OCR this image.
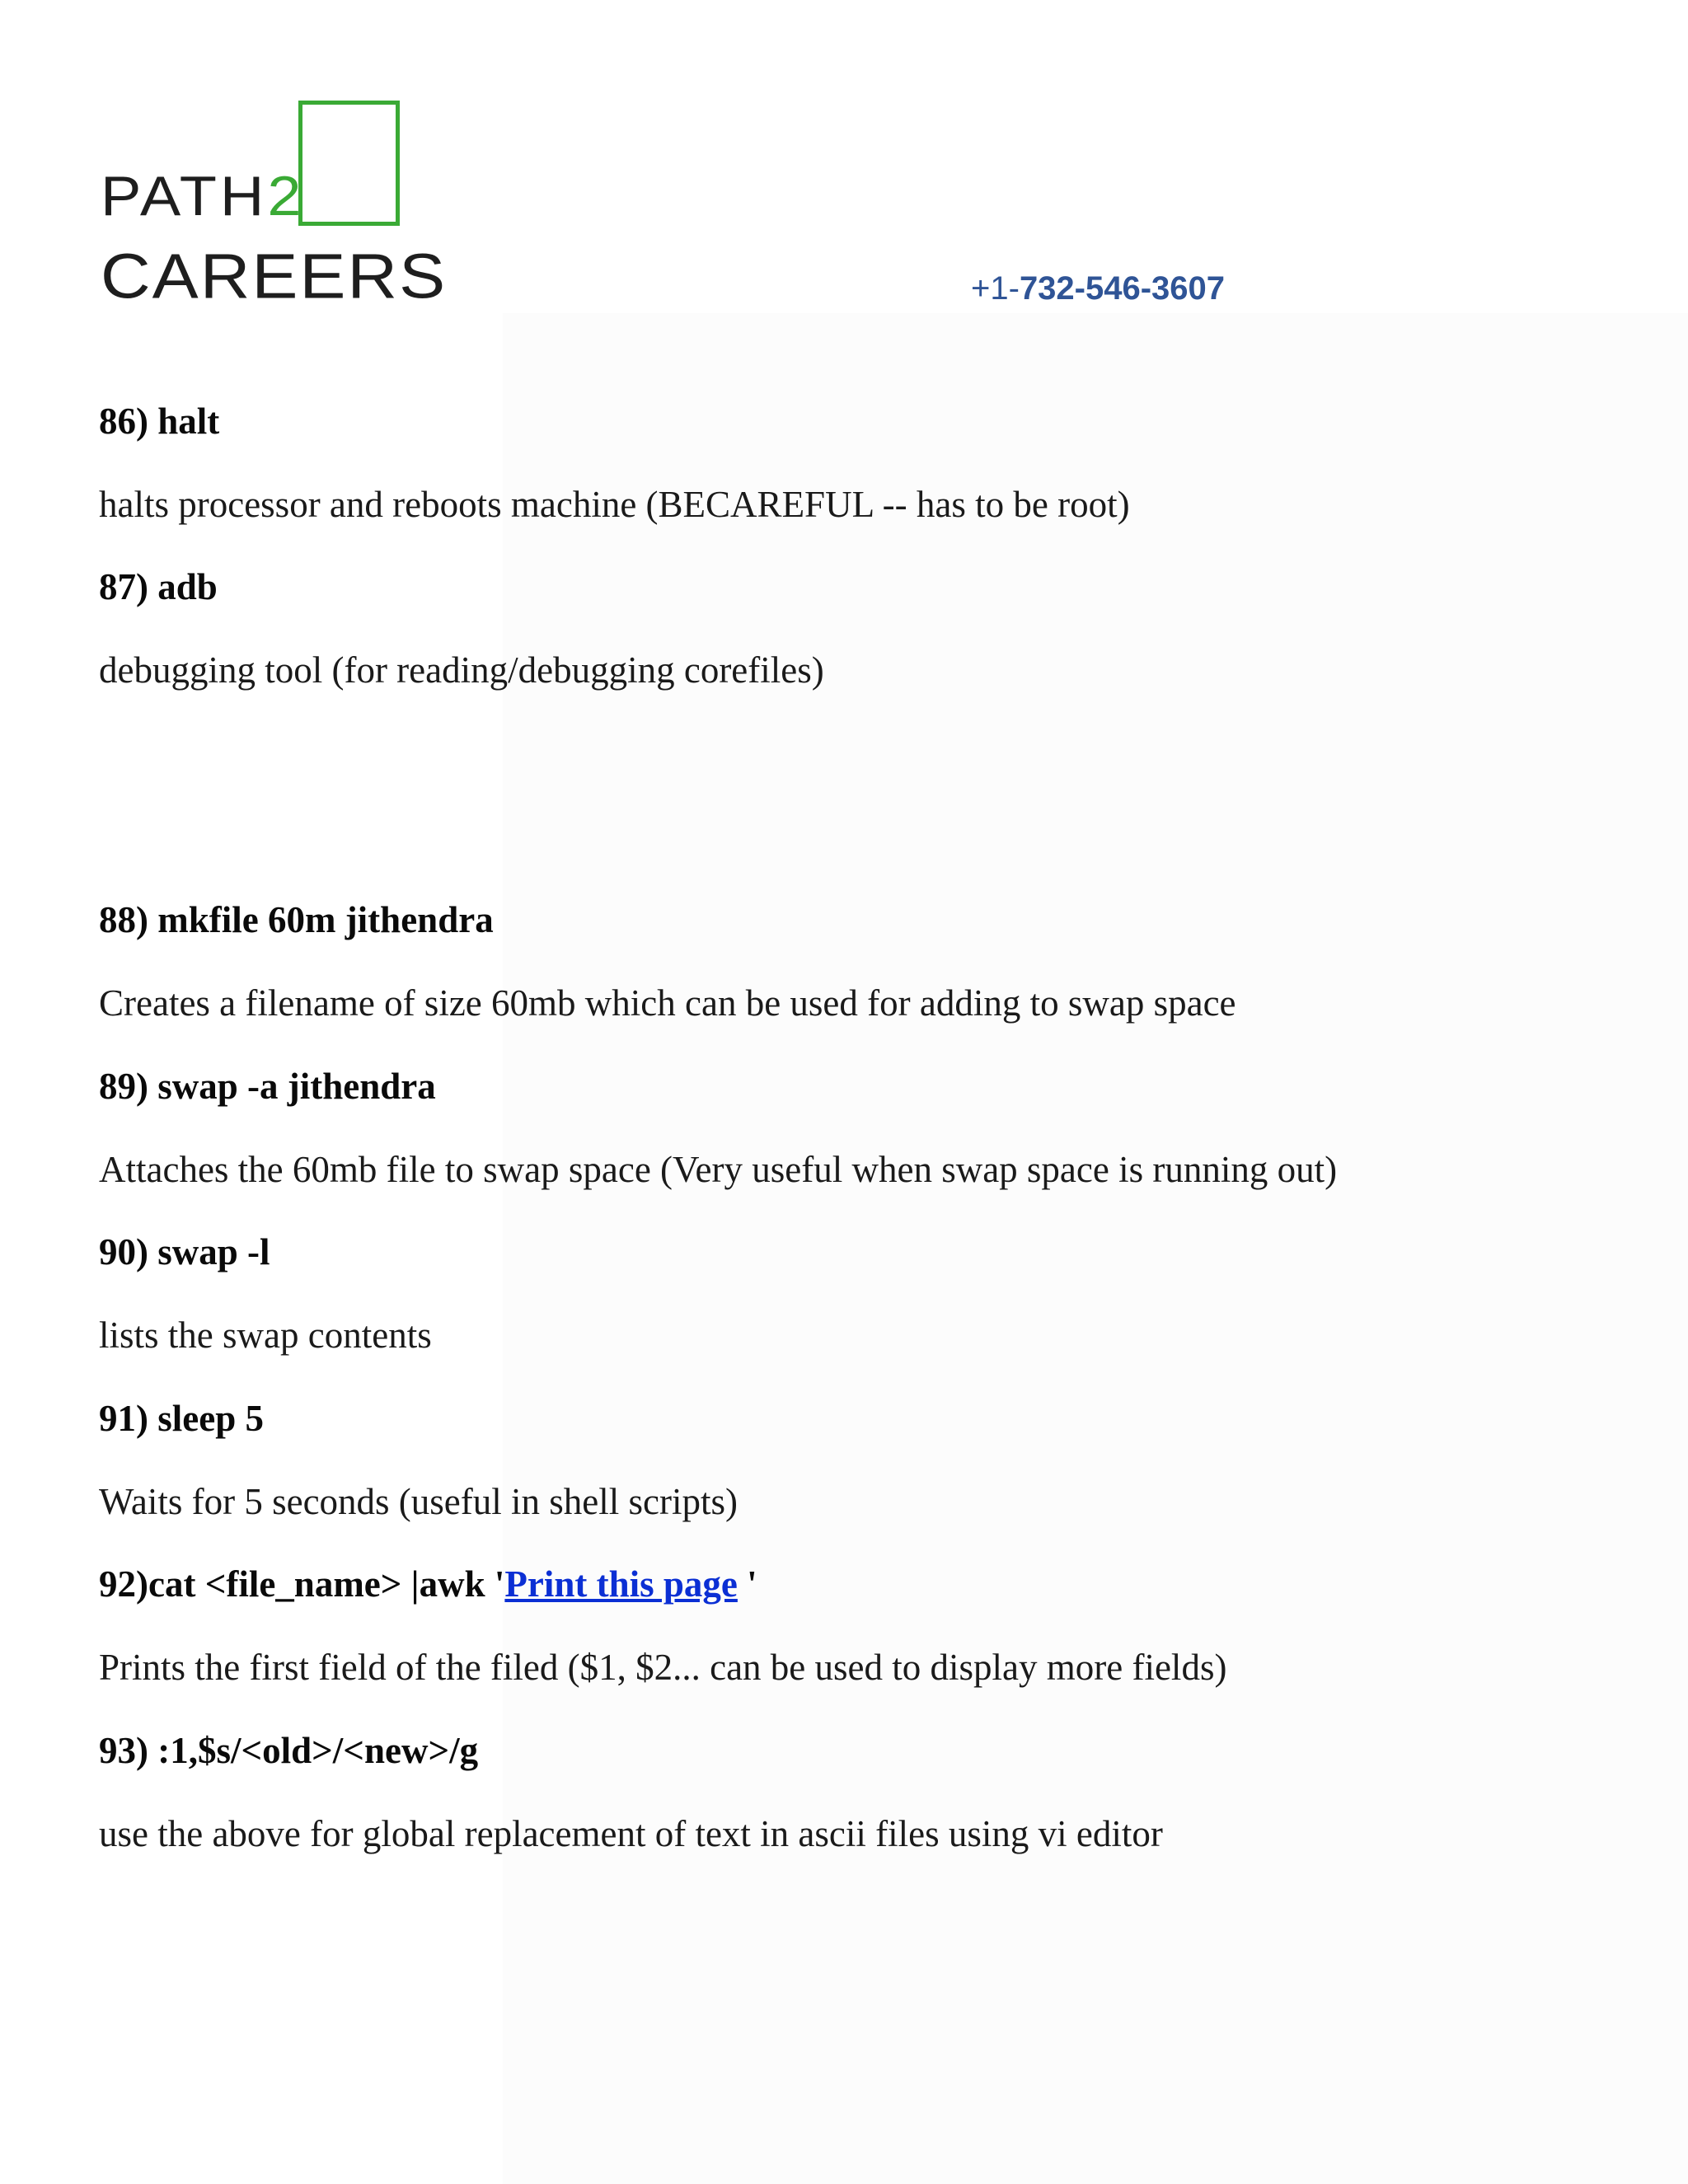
PATH2
CAREERS	+1-732-546-3607
86) halt
halts processor and reboots machine (BECAREFUL -- has to be root)
87) adb
debugging tool (for reading/debugging corefiles)
88) mkfile 60m jithendra
Creates a filename of size 60mb which can be used for adding to swap space
89) swap -a jithendra
Attaches the 60mb file to swap space (Very useful when swap space is running out)
90) swap -l
lists the swap contents
91) sleep 5
Waits for 5 seconds (useful in shell scripts)
92)cat <file_name> |awk 'Print this page '
Prints the first field of the filed ($1, $2... can be used to display more fields)
93) :1,$s/<old>/<new>/g
use the above for global replacement of text in ascii files using vi editor
